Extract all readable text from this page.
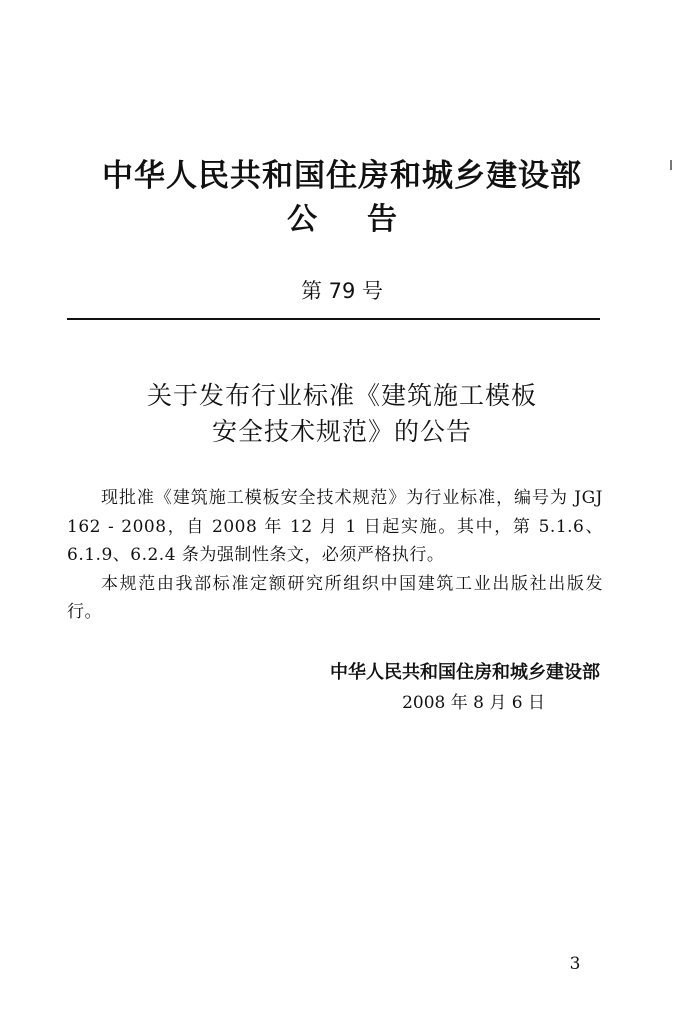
中华人民共和国住房和城乡建设部
公告
第 79 号
关于发布行业标准《建筑施工模板
安全技术规范》的公告

现批准《建筑施工模板安全技术规范》为行业标准，编号为 JGJ 162 - 2008，自 2008 年 12 月 1 日起实施。其中，第 5.1.6、6.1.9、6.2.4 条为强制性条文，必须严格执行。

本规范由我部标准定额研究所组织中国建筑工业出版社出版发行。

中华人民共和国住房和城乡建设部
2008 年 8 月 6 日
3
